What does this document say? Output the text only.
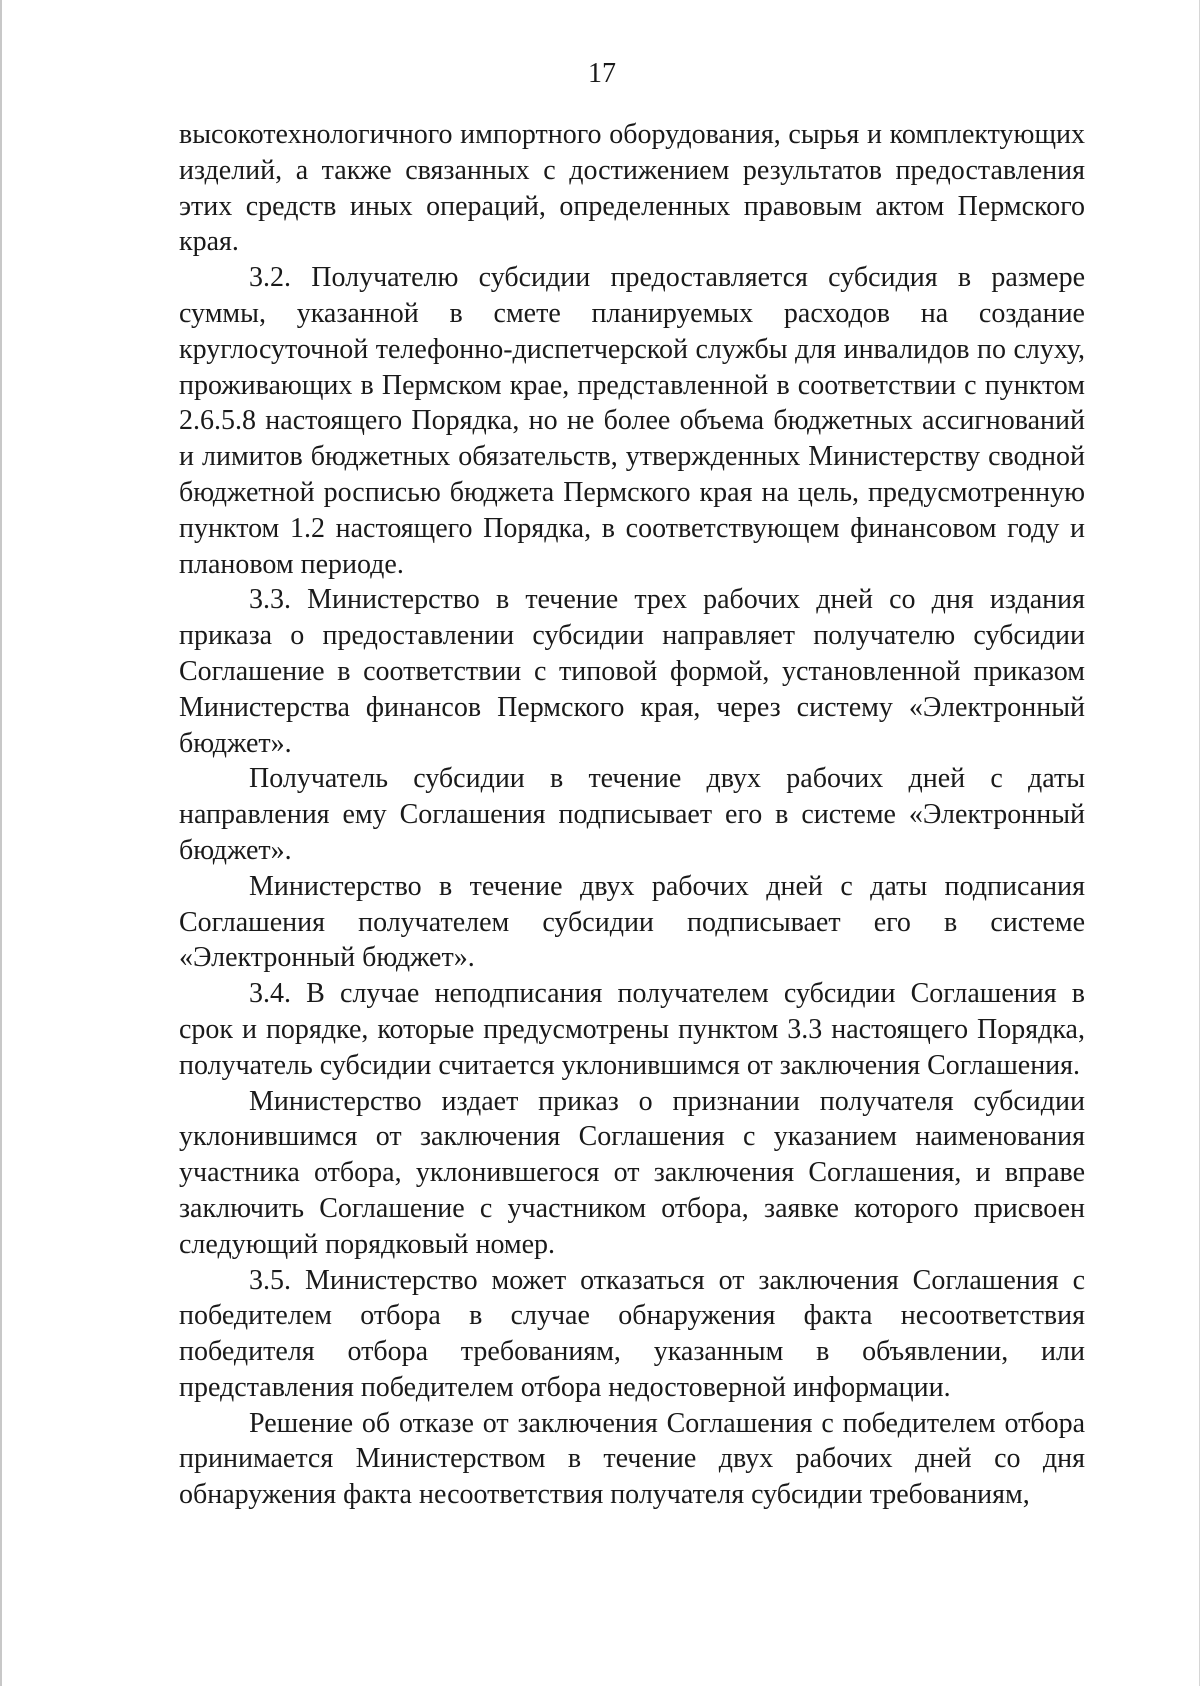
17

высокотехнологичного импортного оборудования, сырья и комплектующих изделий, а также связанных с достижением результатов предоставления этих средств иных операций, определенных правовым актом Пермского края.

3.2. Получателю субсидии предоставляется субсидия в размере суммы, указанной в смете планируемых расходов на создание круглосуточной телефонно-диспетчерской службы для инвалидов по слуху, проживающих в Пермском крае, представленной в соответствии с пунктом 2.6.5.8 настоящего Порядка, но не более объема бюджетных ассигнований и лимитов бюджетных обязательств, утвержденных Министерству сводной бюджетной росписью бюджета Пермского края на цель, предусмотренную пунктом 1.2 настоящего Порядка, в соответствующем финансовом году и плановом периоде.

3.3. Министерство в течение трех рабочих дней со дня издания приказа о предоставлении субсидии направляет получателю субсидии Соглашение в соответствии с типовой формой, установленной приказом Министерства финансов Пермского края, через систему «Электронный бюджет».

Получатель субсидии в течение двух рабочих дней с даты направления ему Соглашения подписывает его в системе «Электронный бюджет».

Министерство в течение двух рабочих дней с даты подписания Соглашения получателем субсидии подписывает его в системе «Электронный бюджет».

3.4. В случае неподписания получателем субсидии Соглашения в срок и порядке, которые предусмотрены пунктом 3.3 настоящего Порядка, получатель субсидии считается уклонившимся от заключения Соглашения.

Министерство издает приказ о признании получателя субсидии уклонившимся от заключения Соглашения с указанием наименования участника отбора, уклонившегося от заключения Соглашения, и вправе заключить Соглашение с участником отбора, заявке которого присвоен следующий порядковый номер.

3.5. Министерство может отказаться от заключения Соглашения с победителем отбора в случае обнаружения факта несоответствия победителя отбора требованиям, указанным в объявлении, или представления победителем отбора недостоверной информации.

Решение об отказе от заключения Соглашения с победителем отбора принимается Министерством в течение двух рабочих дней со дня обнаружения факта несоответствия получателя субсидии требованиям,
